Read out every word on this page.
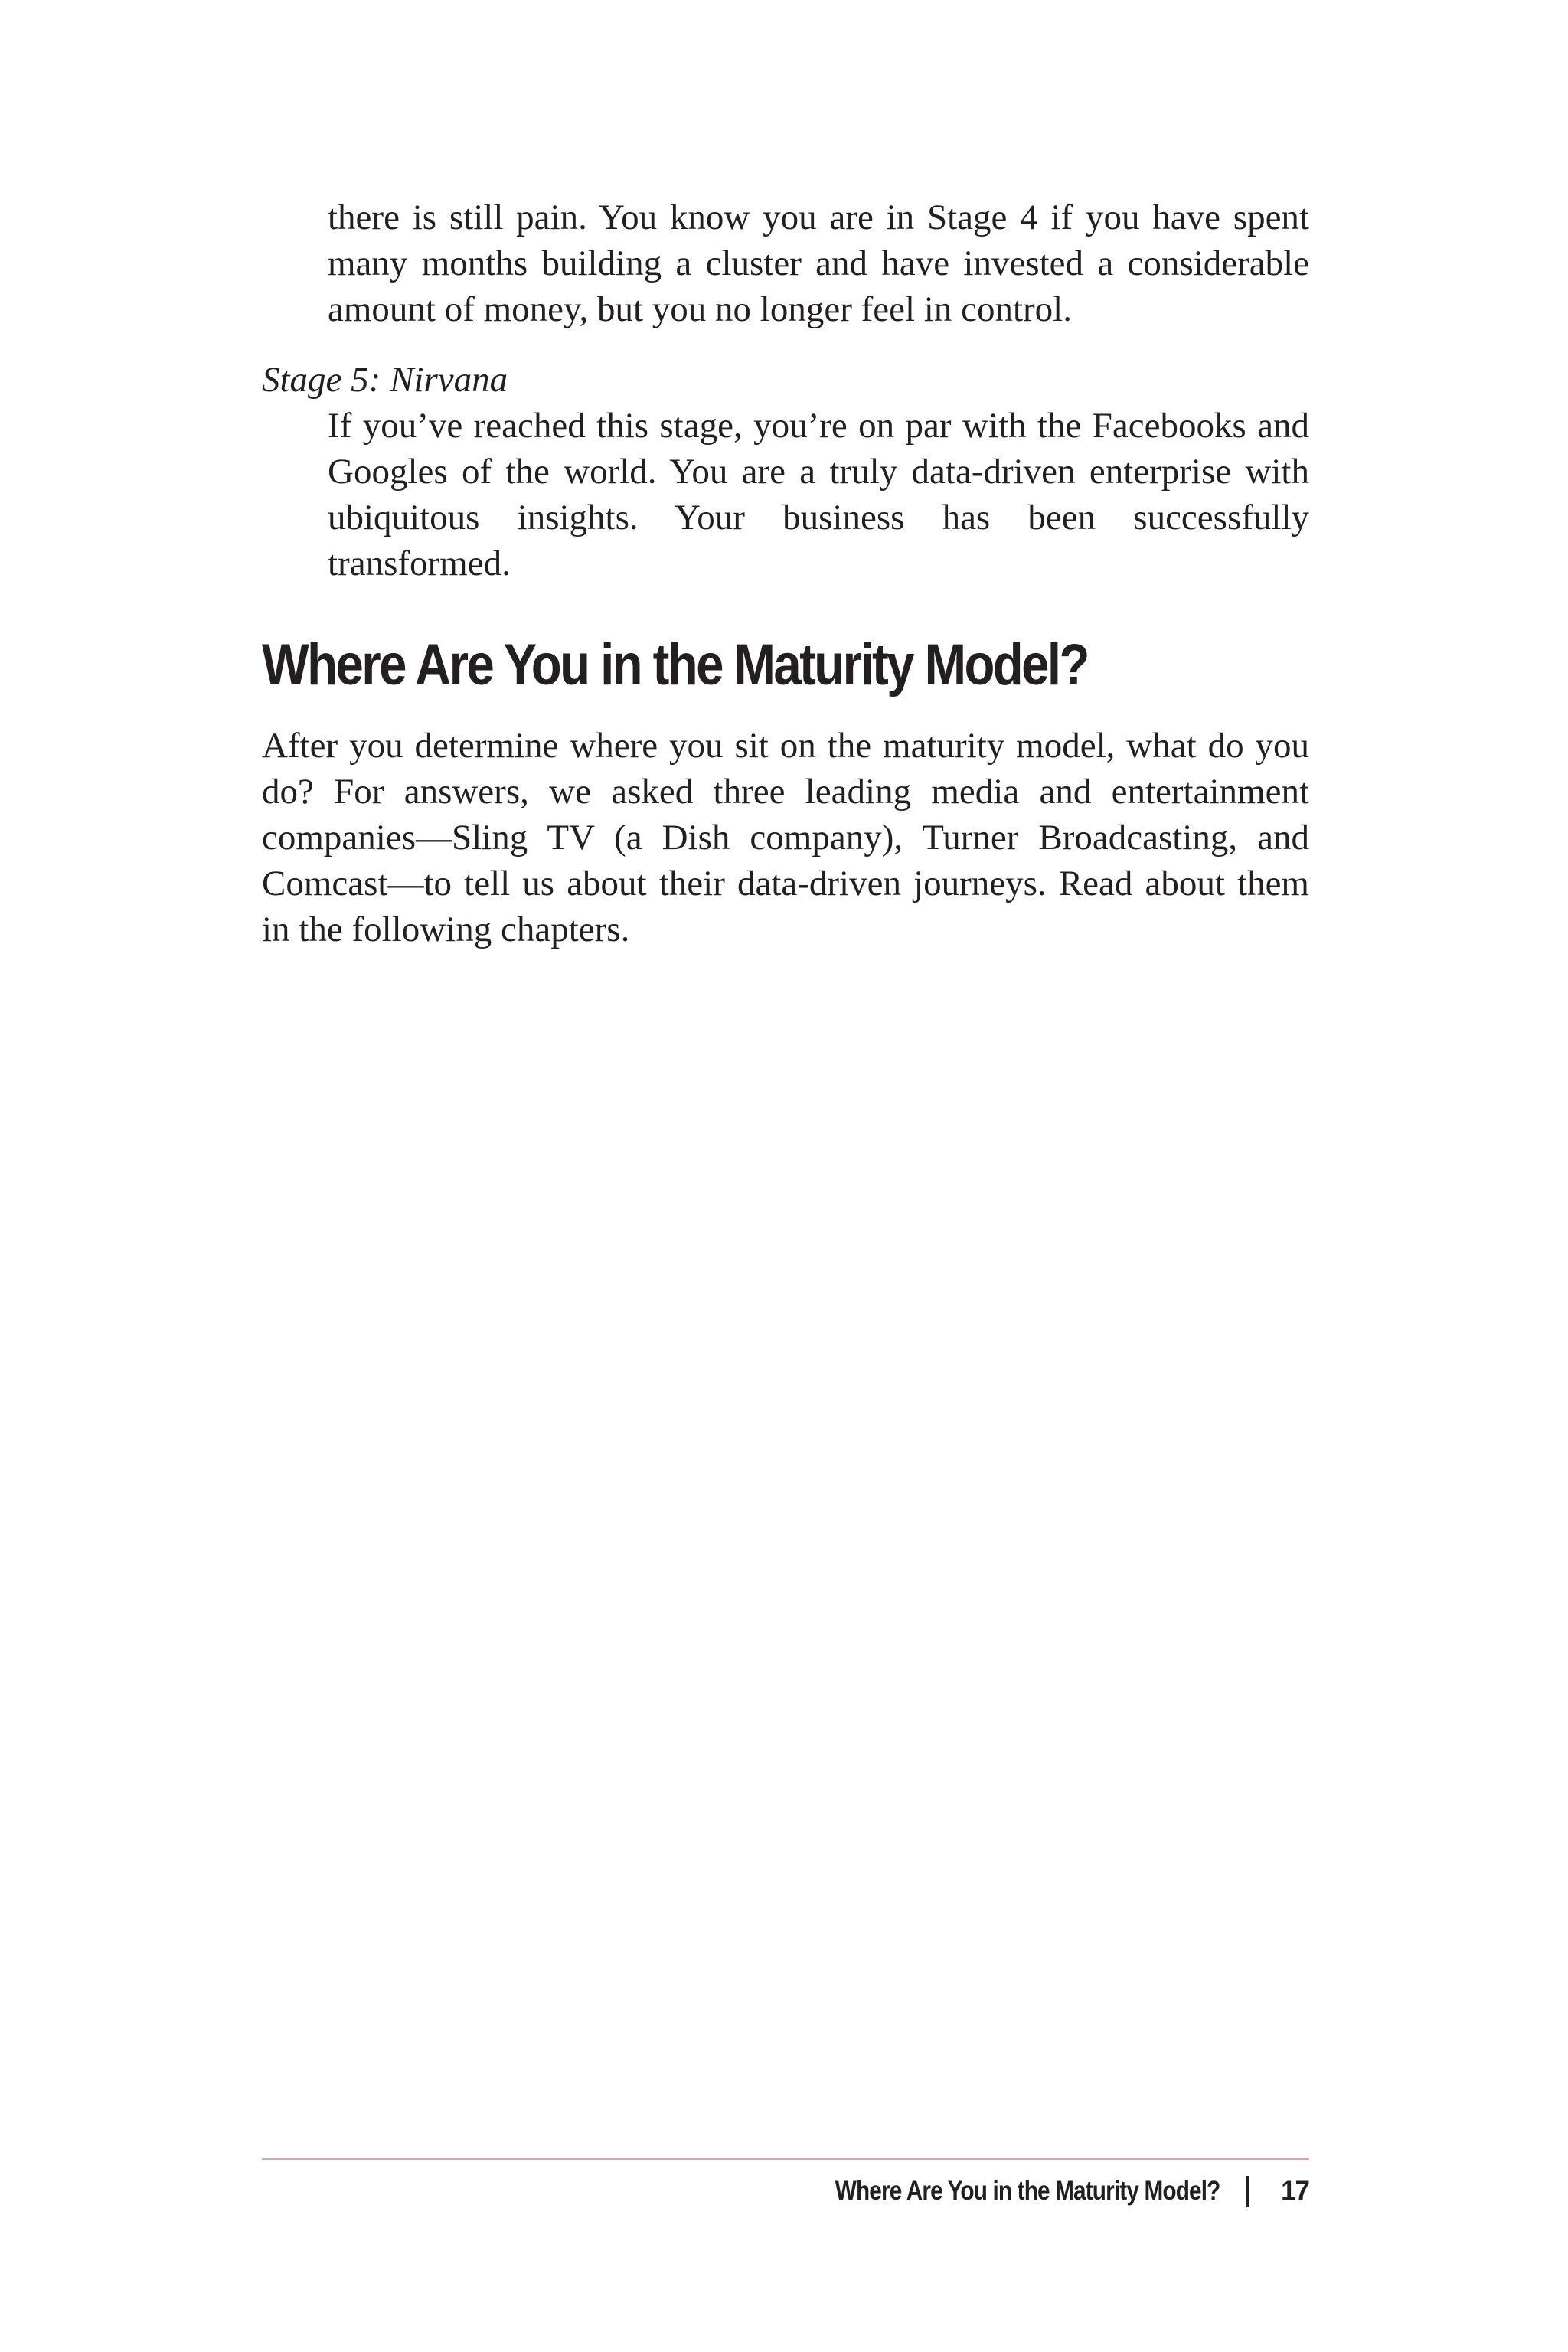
there is still pain. You know you are in Stage 4 if you have spent many months building a cluster and have invested a considerable amount of money, but you no longer feel in control.

Stage 5: Nirvana

If you’ve reached this stage, you’re on par with the Facebooks and Googles of the world. You are a truly data-driven enterprise with ubiquitous insights. Your business has been successfully transformed.

Where Are You in the Maturity Model?

After you determine where you sit on the maturity model, what do you do? For answers, we asked three leading media and entertainment companies—Sling TV (a Dish company), Turner Broadcasting, and Comcast—to tell us about their data-driven journeys. Read about them in the following chapters.

Where Are You in the Maturity Model? 17
